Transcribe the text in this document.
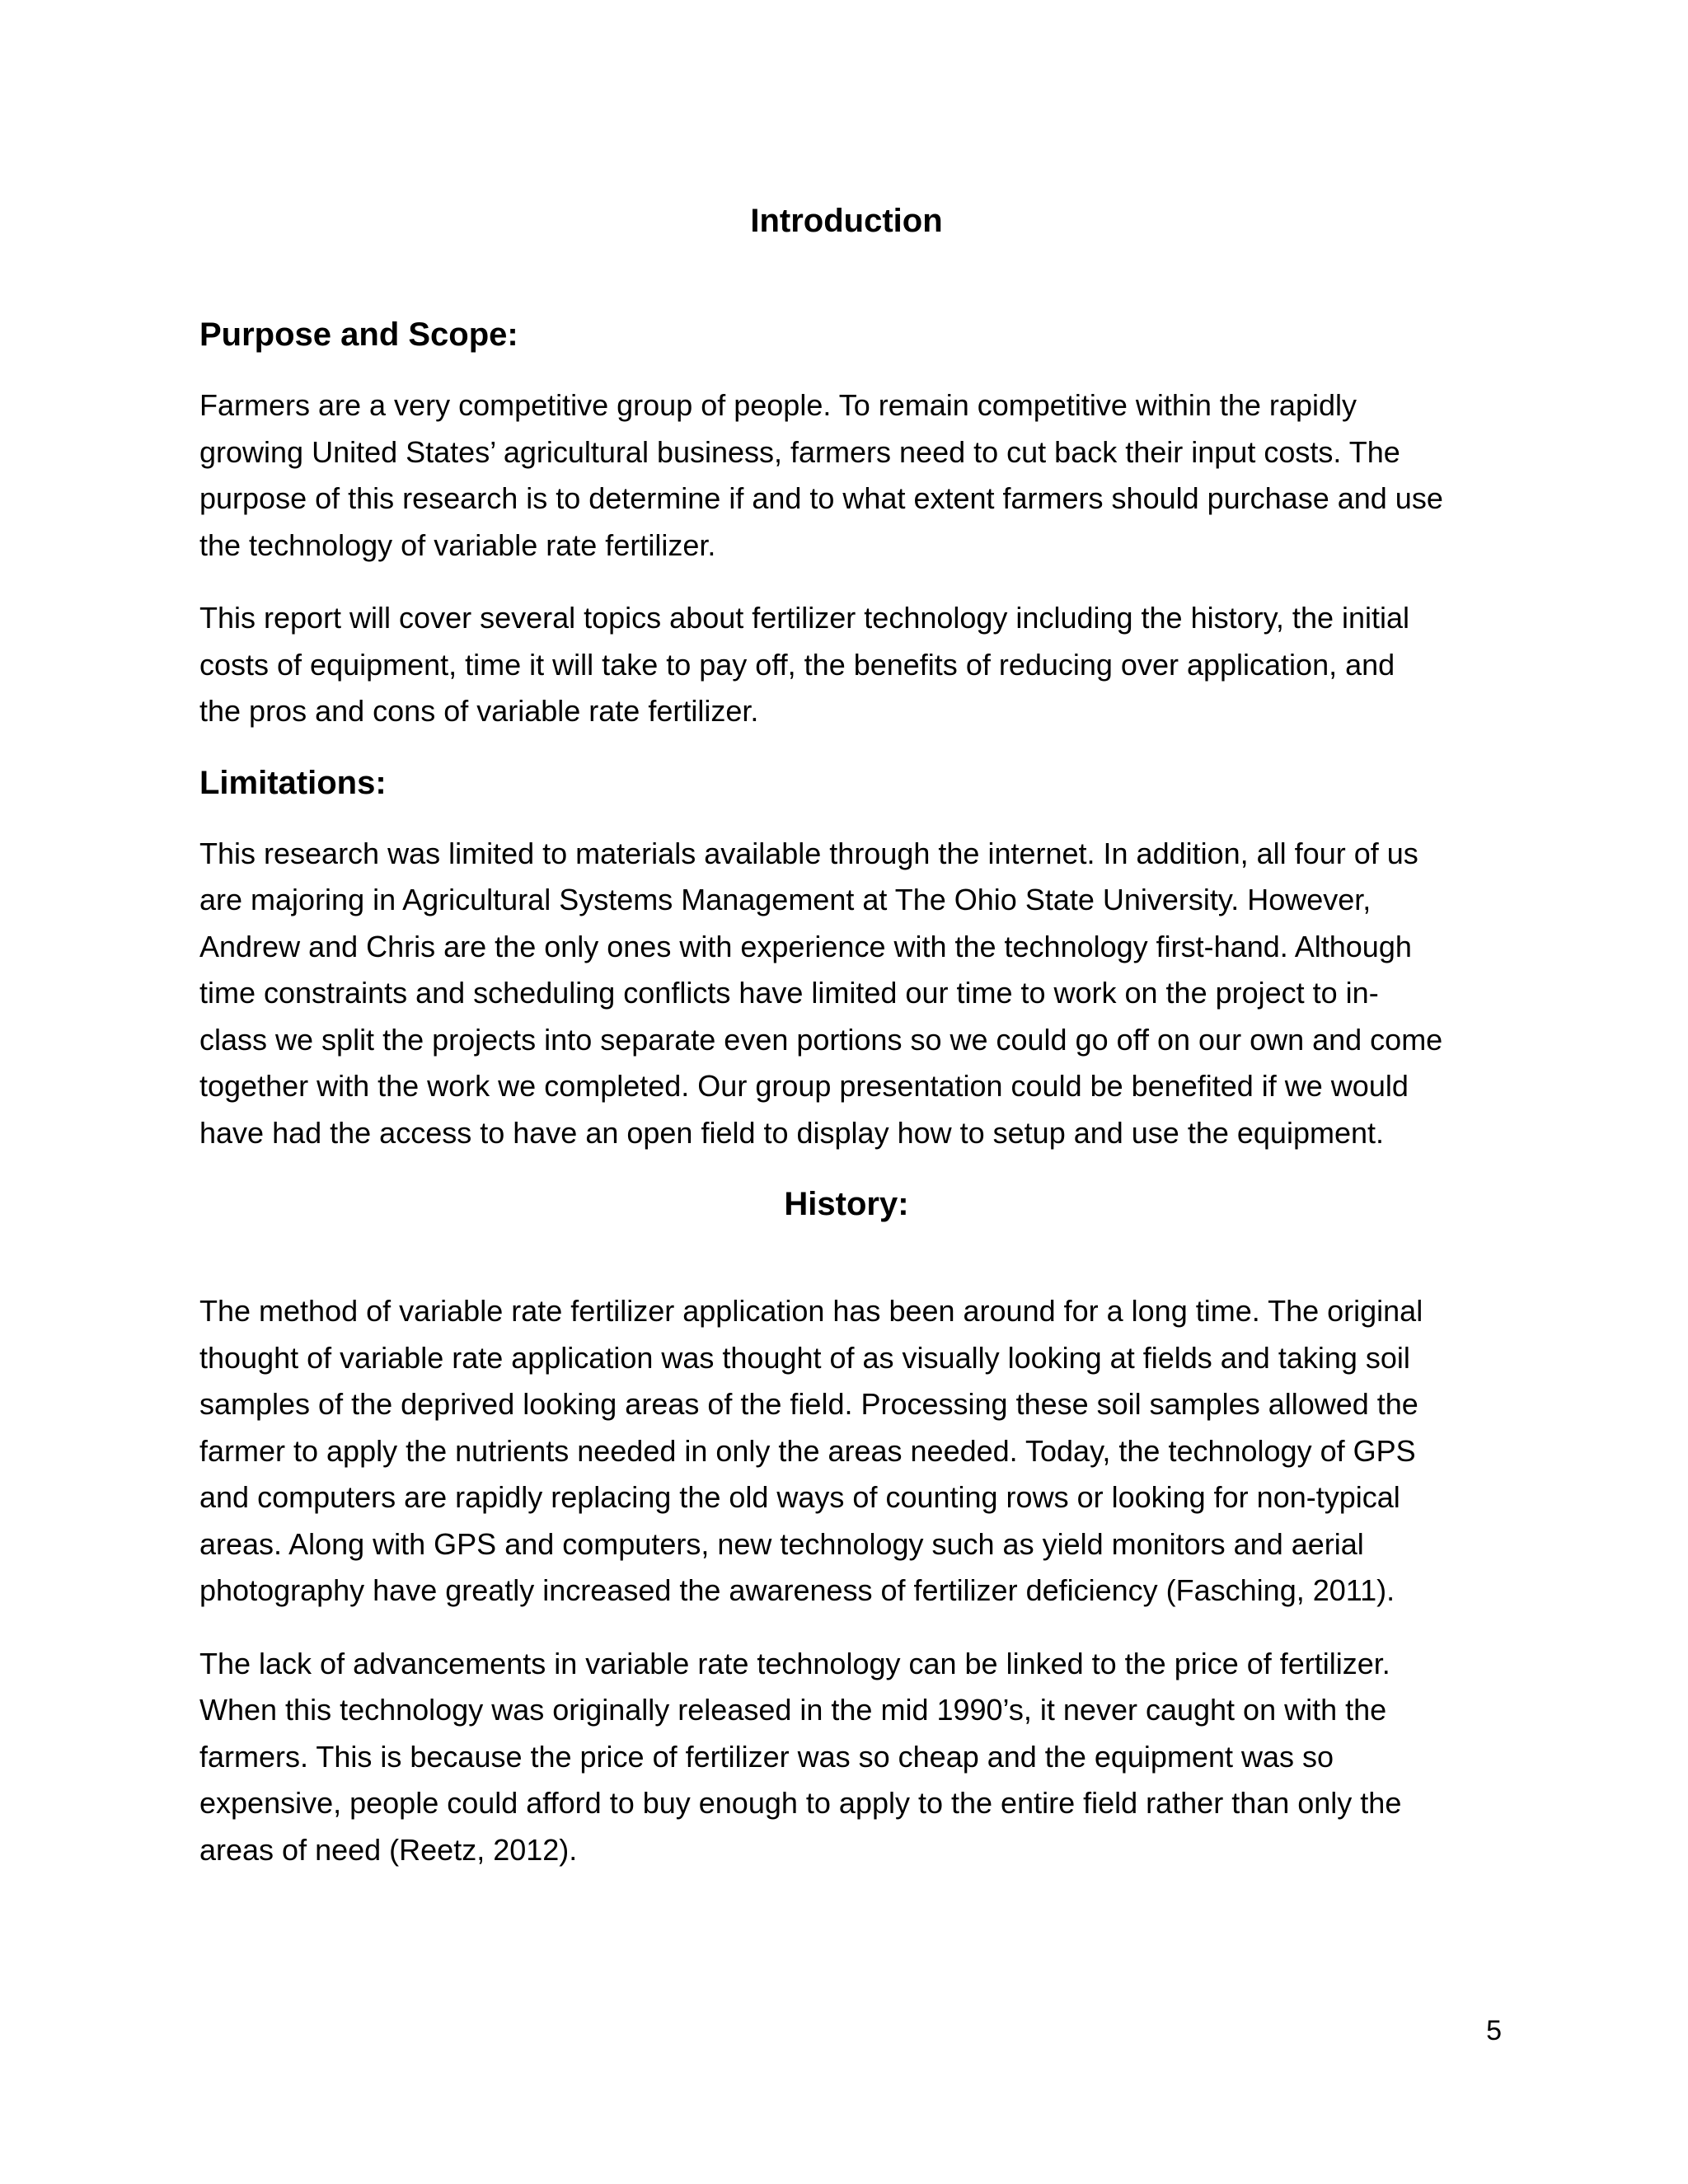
Introduction
Purpose and Scope:

Farmers are a very competitive group of people. To remain competitive within the rapidly
growing United States’ agricultural business, farmers need to cut back their input costs. The
purpose of this research is to determine if and to what extent farmers should purchase and use
the technology of variable rate fertilizer.

This report will cover several topics about fertilizer technology including the history, the initial
costs of equipment, time it will take to pay off, the benefits of reducing over application, and
the pros and cons of variable rate fertilizer.

Limitations:

This research was limited to materials available through the internet. In addition, all four of us
are majoring in Agricultural Systems Management at The Ohio State University. However,
Andrew and Chris are the only ones with experience with the technology first-hand. Although
time constraints and scheduling conflicts have limited our time to work on the project to in-
class we split the projects into separate even portions so we could go off on our own and come
together with the work we completed. Our group presentation could be benefited if we would
have had the access to have an open field to display how to setup and use the equipment.

History:

The method of variable rate fertilizer application has been around for a long time. The original
thought of variable rate application was thought of as visually looking at fields and taking soil
samples of the deprived looking areas of the field. Processing these soil samples allowed the
farmer to apply the nutrients needed in only the areas needed. Today, the technology of GPS
and computers are rapidly replacing the old ways of counting rows or looking for non-typical
areas. Along with GPS and computers, new technology such as yield monitors and aerial
photography have greatly increased the awareness of fertilizer deficiency (Fasching, 2011).

The lack of advancements in variable rate technology can be linked to the price of fertilizer.
When this technology was originally released in the mid 1990’s, it never caught on with the
farmers. This is because the price of fertilizer was so cheap and the equipment was so
expensive, people could afford to buy enough to apply to the entire field rather than only the
areas of need (Reetz, 2012).

5
